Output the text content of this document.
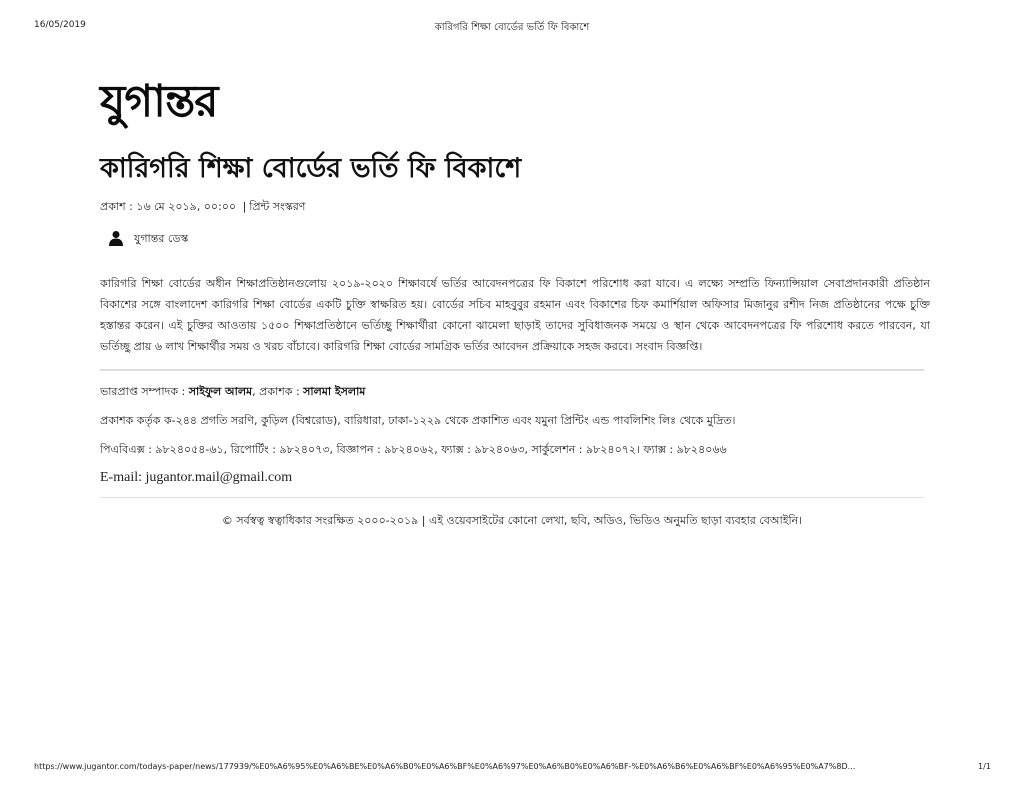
16/05/2019	কারিগরি শিক্ষা বোর্ডের ভর্তি ফি বিকাশে
যুগান্তর
কারিগরি শিক্ষা বোর্ডের ভর্তি ফি বিকাশে
প্রকাশ : ১৬ মে ২০১৯, ০০:০০ | প্রিন্ট সংস্করণ
যুগান্তর ডেস্ক

কারিগরি শিক্ষা বোর্ডের অধীন শিক্ষাপ্রতিষ্ঠানগুলোয় ২০১৯-২০২০ শিক্ষাবর্ষে ভর্তির আবেদনপত্রের ফি বিকাশে পরিশোধ করা যাবে। এ লক্ষ্যে সম্প্রতি ফিন্যান্সিয়াল সেবাপ্রদানকারী প্রতিষ্ঠান বিকাশের সঙ্গে বাংলাদেশ কারিগরি শিক্ষা বোর্ডের একটি চুক্তি স্বাক্ষরিত হয়। বোর্ডের সচিব মাহবুবুর রহমান এবং বিকাশের চিফ কমার্শিয়াল অফিসার মিজানুর রশীদ নিজ প্রতিষ্ঠানের পক্ষে চুক্তি হস্তান্তর করেন। এই চুক্তির আওতায় ১৫০০ শিক্ষাপ্রতিষ্ঠানে ভর্তিচ্ছু শিক্ষার্থীরা কোনো ঝামেলা ছাড়াই তাদের সুবিধাজনক সময়ে ও স্থান থেকে আবেদনপত্রের ফি পরিশোধ করতে পারবেন, যা ভর্তিচ্ছু প্রায় ৬ লাখ শিক্ষার্থীর সময় ও খরচ বাঁচাবে। কারিগরি শিক্ষা বোর্ডের সামগ্রিক ভর্তির আবেদন প্রক্রিয়াকে সহজ করবে। সংবাদ বিজ্ঞপ্তি।

ভারপ্রাপ্ত সম্পাদক : সাইফুল আলম, প্রকাশক : সালমা ইসলাম
প্রকাশক কর্তৃক ক-২৪৪ প্রগতি সরণি, কুড়িল (বিশ্বরোড), বারিধারা, ঢাকা-১২২৯ থেকে প্রকাশিত এবং যমুনা প্রিন্টিং এন্ড পাবলিশিং লিঃ থেকে মুদ্রিত।
পিএবিএক্স : ৯৮২৪০৫৪-৬১, রিপোর্টিং : ৯৮২৪০৭৩, বিজ্ঞাপন : ৯৮২৪০৬২, ফ্যাক্স : ৯৮২৪০৬৩, সার্কুলেশন : ৯৮২৪০৭২। ফ্যাক্স : ৯৮২৪০৬৬
E-mail: jugantor.mail@gmail.com
© সর্বস্বত্ব স্বত্বাধিকার সংরক্ষিত ২০০০-২০১৯ | এই ওয়েবসাইটের কোনো লেখা, ছবি, অডিও, ভিডিও অনুমতি ছাড়া ব্যবহার বেআইনি।
https://www.jugantor.com/todays-paper/news/177939/%E0%A6%95%E0%A6%BE%E0%A6%B0%E0%A6%BF%E0%A6%97%E0%A6%B0%E0%A6%BF-%E0%A6%B6%E0%A6%BF%E0%A6%95%E0%A7%8D...	1/1
